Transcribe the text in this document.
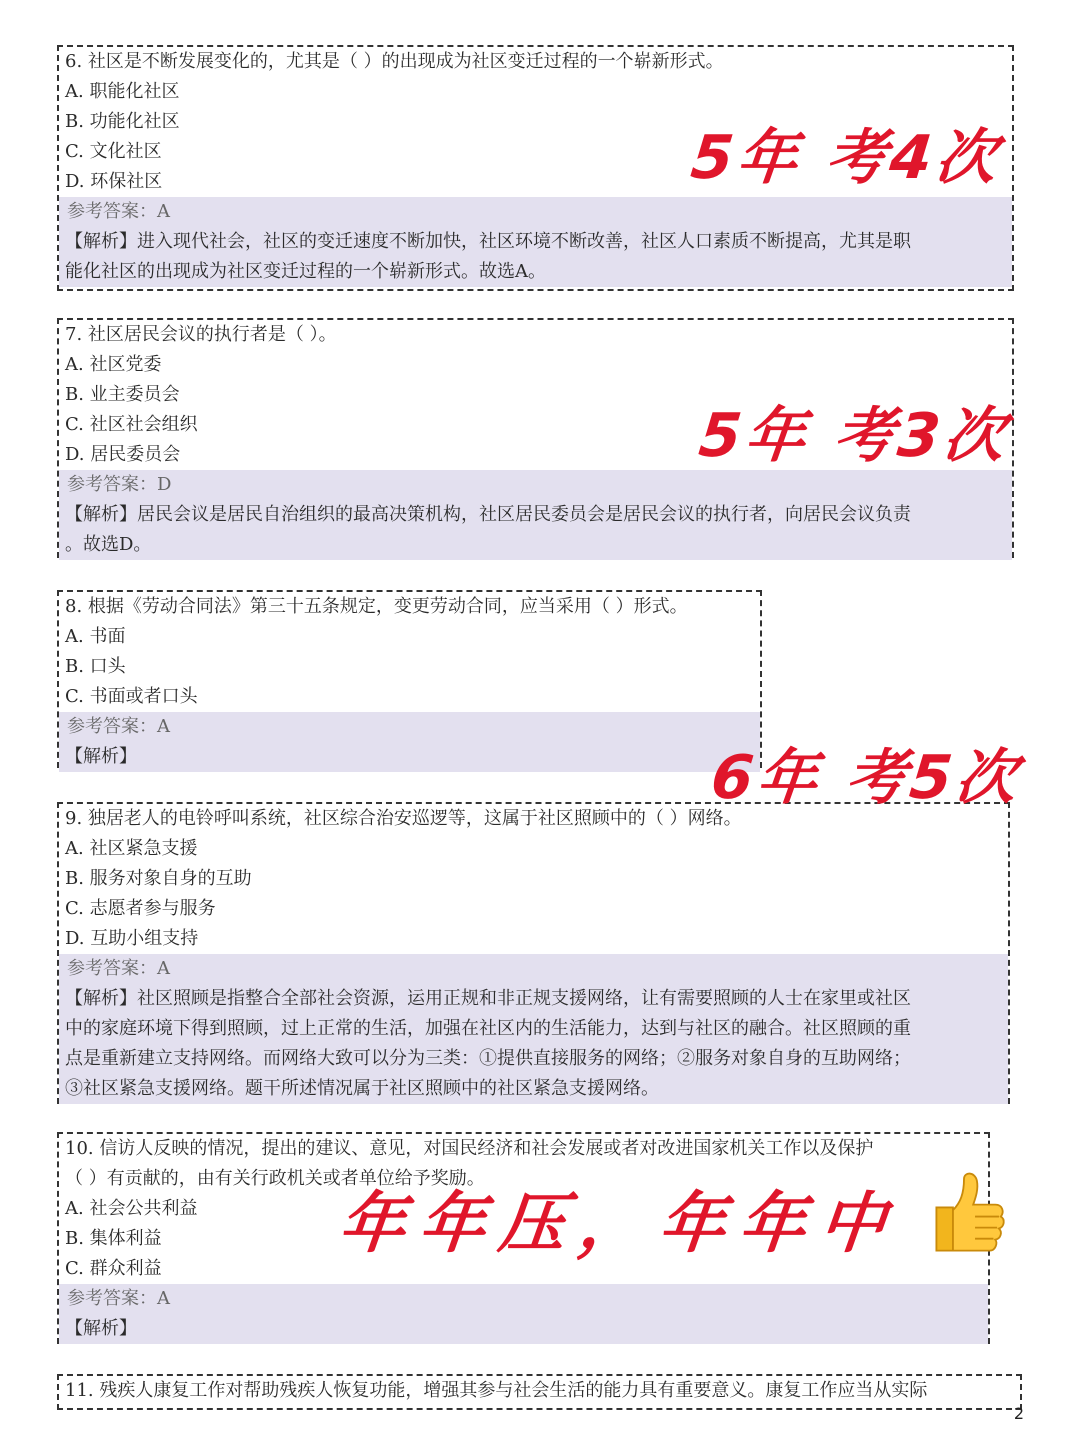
6. 社区是不断发展变化的，尤其是（ ）的出现成为社区变迁过程的一个崭新形式。
A. 职能化社区
B. 功能化社区
C. 文化社区
D. 环保社区
参考答案：A
【解析】进入现代社会，社区的变迁速度不断加快，社区环境不断改善，社区人口素质不断提高，尤其是职
能化社区的出现成为社区变迁过程的一个崭新形式。故选A。
7. 社区居民会议的执行者是（ ）。
A. 社区党委
B. 业主委员会
C. 社区社会组织
D. 居民委员会
参考答案：D
【解析】居民会议是居民自治组织的最高决策机构，社区居民委员会是居民会议的执行者，向居民会议负责
。故选D。
8. 根据《劳动合同法》第三十五条规定，变更劳动合同，应当采用（ ）形式。
A. 书面
B. 口头
C. 书面或者口头
参考答案：A
【解析】
9. 独居老人的电铃呼叫系统，社区综合治安巡逻等，这属于社区照顾中的（ ）网络。
A. 社区紧急支援
B. 服务对象自身的互助
C. 志愿者参与服务
D. 互助小组支持
参考答案：A
【解析】社区照顾是指整合全部社会资源，运用正规和非正规支援网络，让有需要照顾的人士在家里或社区
中的家庭环境下得到照顾，过上正常的生活，加强在社区内的生活能力，达到与社区的融合。社区照顾的重
点是重新建立支持网络。而网络大致可以分为三类：①提供直接服务的网络；②服务对象自身的互助网络；
③社区紧急支援网络。题干所述情况属于社区照顾中的社区紧急支援网络。
10. 信访人反映的情况，提出的建议、意见，对国民经济和社会发展或者对改进国家机关工作以及保护
（ ）有贡献的，由有关行政机关或者单位给予奖励。
A. 社会公共利益
B. 集体利益
C. 群众利益
参考答案：A
【解析】
11. 残疾人康复工作对帮助残疾人恢复功能，增强其参与社会生活的能力具有重要意义。康复工作应当从实际
5年 考4次
5年 考3次
6年 考5次
年年压，年年中
2
